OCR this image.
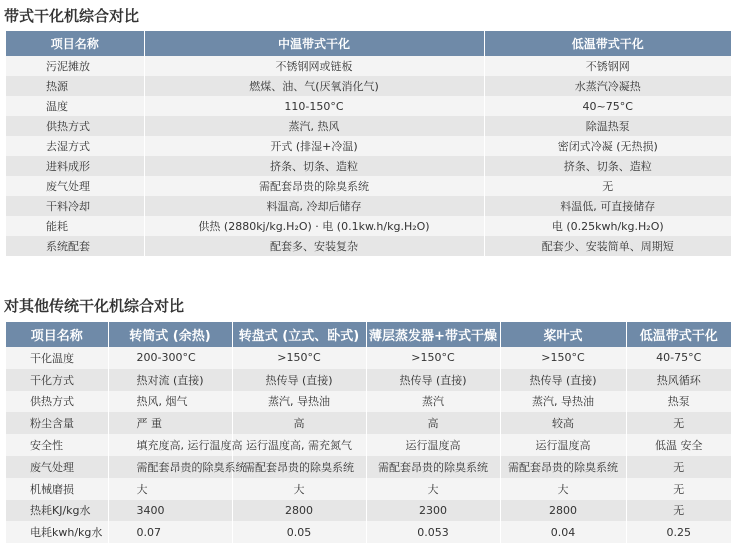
带式干化机综合对比
项目名称	中温带式干化	低温带式干化
污泥摊放	不锈钢网或链板	不锈钢网
热源	燃煤、油、气(厌氧消化气)	水蒸汽冷凝热
温度	110-150°C	40~75°C
供热方式	蒸汽, 热风	除温热泵
去湿方式	开式 (排湿+冷温)	密闭式冷凝 (无热损)
进料成形	挤条、切条、造粒	挤条、切条、造粒
废气处理	需配套昂贵的除臭系统	无
干料冷却	料温高, 冷却后储存	料温低, 可直接储存
能耗	供热 (2880kj/kg.H₂O) · 电 (0.1kw.h/kg.H₂O)	电 (0.25kwh/kg.H₂O)
系统配套	配套多、安装复杂	配套少、安装简单、周期短
对其他传统干化机综合对比
项目名称	转筒式 (余热)	转盘式 (立式、卧式)	薄层蒸发器+带式干燥	桨叶式	低温带式干化
干化温度	200-300°C	>150°C	>150°C	>150°C	40-75°C
干化方式	热对流 (直接)	热传导 (直接)	热传导 (直接)	热传导 (直接)	热风循环
供热方式	热风, 烟气	蒸汽, 导热油	蒸汽	蒸汽, 导热油	热泵
粉尘含量	严 重	高	高	较高	无
安全性	填充度高, 运行温度高	运行温度高, 需充氮气	运行温度高	运行温度高	低温 安全
废气处理	需配套昂贵的除臭系统	需配套昂贵的除臭系统	需配套昂贵的除臭系统	需配套昂贵的除臭系统	无
机械磨损	大	大	大	大	无
热耗KJ/kg水	3400	2800	2300	2800	无
电耗kwh/kg水	0.07	0.05	0.053	0.04	0.25
